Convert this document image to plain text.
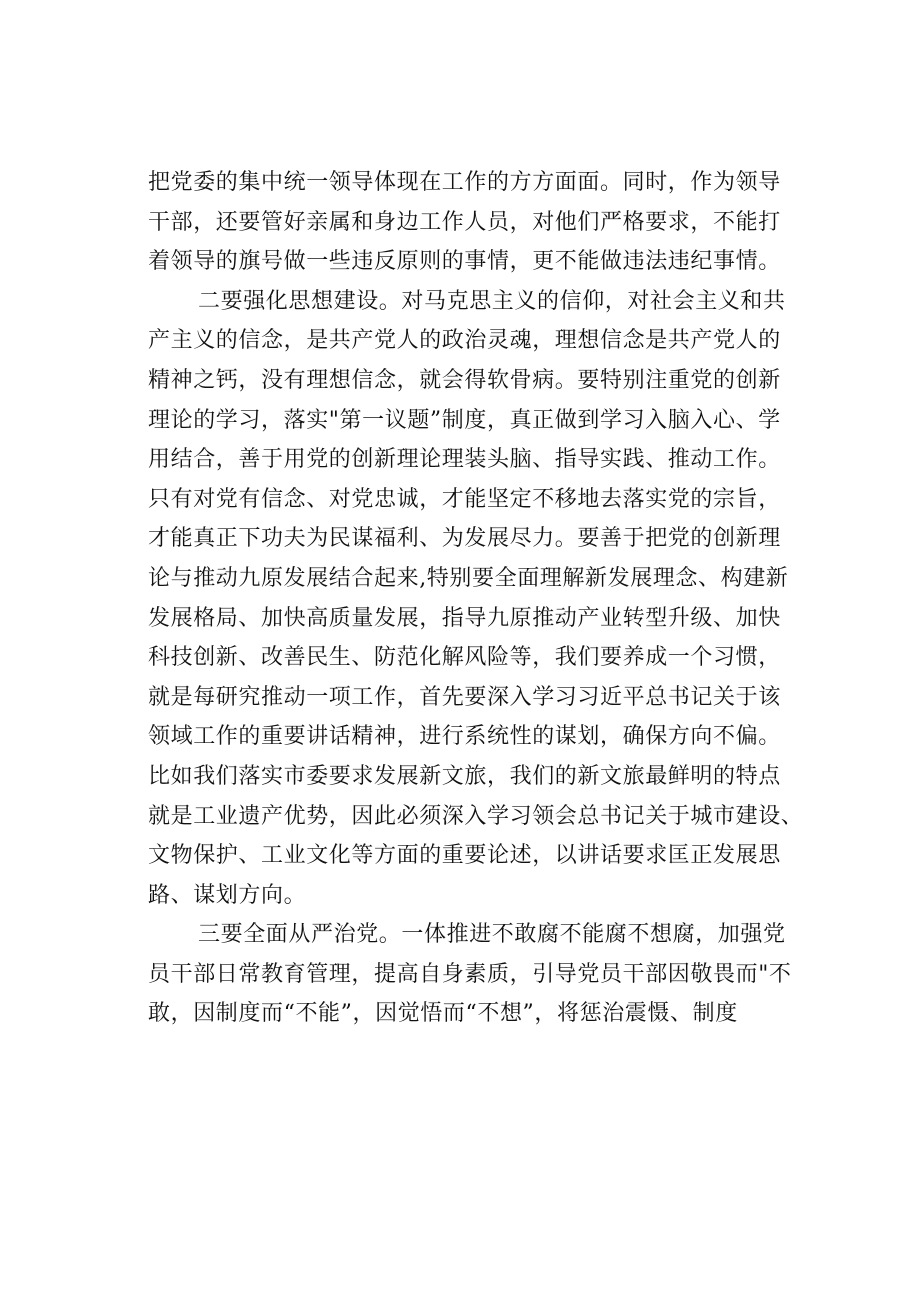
把党委的集中统一领导体现在工作的方方面面。同时，作为领导
干部，还要管好亲属和身边工作人员，对他们严格要求，不能打
着领导的旗号做一些违反原则的事情，更不能做违法违纪事情。
二要强化思想建设。对马克思主义的信仰，对社会主义和共
产主义的信念，是共产党人的政治灵魂，理想信念是共产党人的
精神之钙，没有理想信念，就会得软骨病。要特别注重党的创新
理论的学习，落实"第一议题”制度，真正做到学习入脑入心、学
用结合，善于用党的创新理论理装头脑、指导实践、推动工作。
只有对党有信念、对党忠诚，才能坚定不移地去落实党的宗旨，
才能真正下功夫为民谋福利、为发展尽力。要善于把党的创新理
论与推动九原发展结合起来,特别要全面理解新发展理念、构建新
发展格局、加快高质量发展，指导九原推动产业转型升级、加快
科技创新、改善民生、防范化解风险等，我们要养成一个习惯，
就是每研究推动一项工作，首先要深入学习习近平总书记关于该
领域工作的重要讲话精神，进行系统性的谋划，确保方向不偏。
比如我们落实市委要求发展新文旅，我们的新文旅最鲜明的特点
就是工业遗产优势，因此必须深入学习领会总书记关于城市建设、
文物保护、工业文化等方面的重要论述，以讲话要求匡正发展思
路、谋划方向。
三要全面从严治党。一体推进不敢腐不能腐不想腐，加强党
员干部日常教育管理，提高自身素质，引导党员干部因敬畏而"不
敢，因制度而“不能”，因觉悟而“不想”，将惩治震慑、制度
